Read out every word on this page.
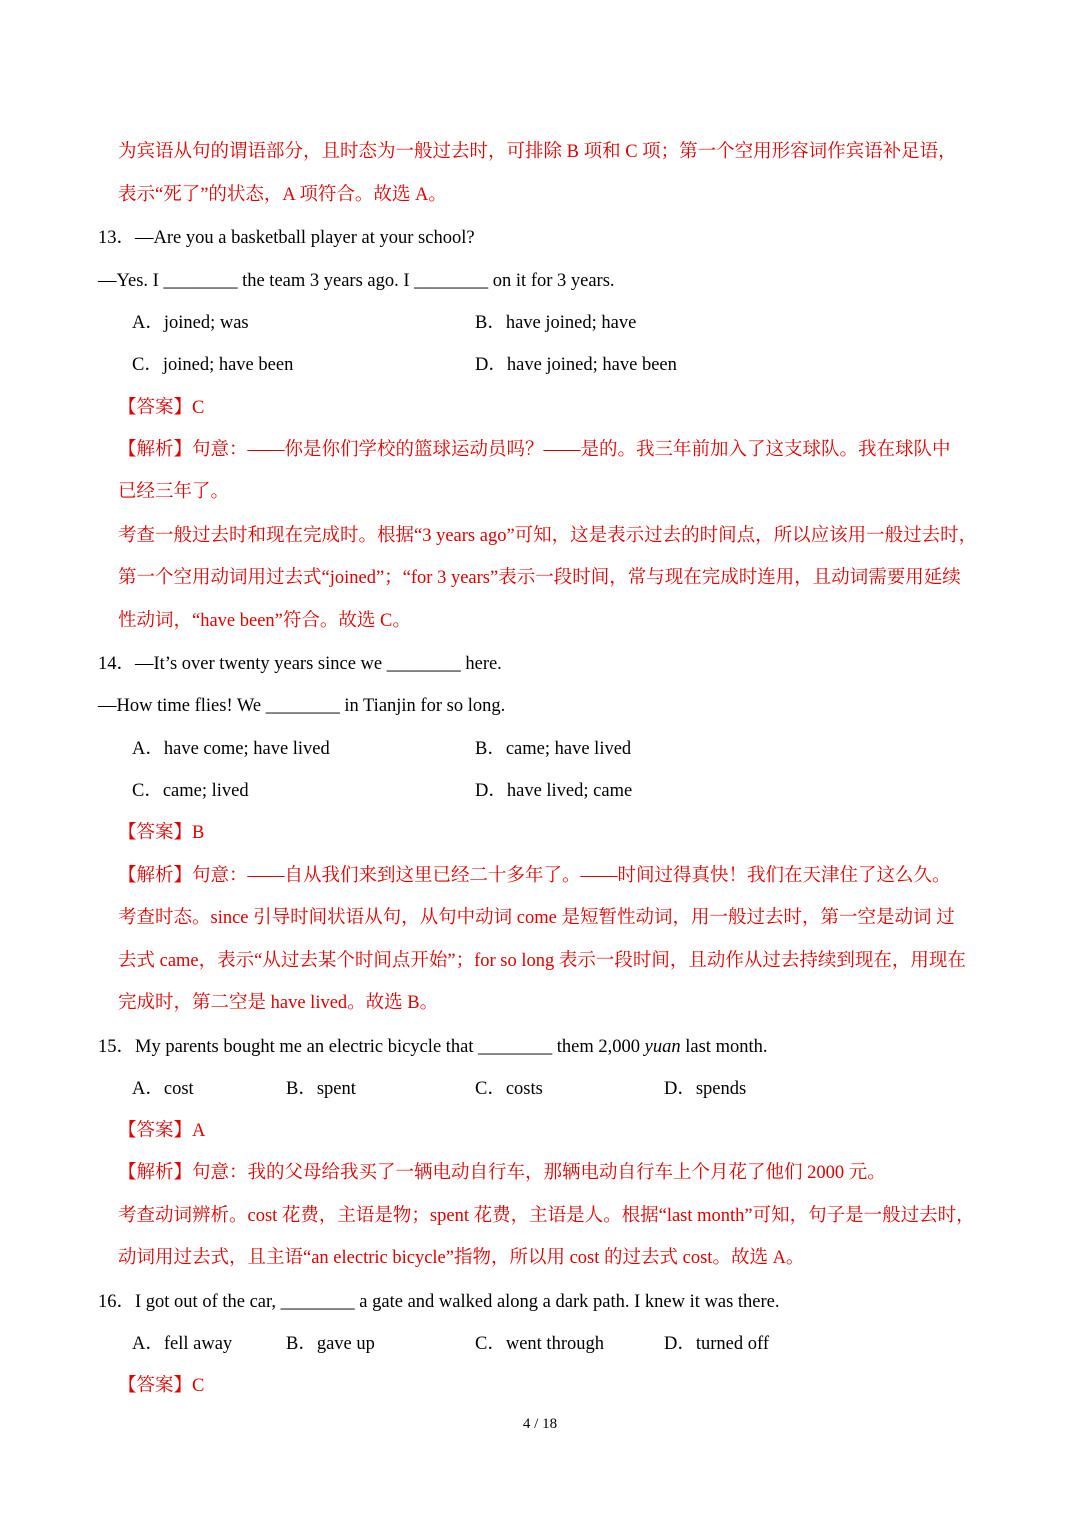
为宾语从句的谓语部分，且时态为一般过去时，可排除 B 项和 C 项；第一个空用形容词作宾语补足语，
表示“死了”的状态，A 项符合。故选 A。
13．—Are you a basketball player at your school?
—Yes. I ________ the team 3 years ago. I ________ on it for 3 years.
A．joined; was	B．have joined; have
C．joined; have been	D．have joined; have been
【答案】C
【解析】句意：——你是你们学校的篮球运动员吗？——是的。我三年前加入了这支球队。我在球队中
已经三年了。
考查一般过去时和现在完成时。根据“3 years ago”可知，这是表示过去的时间点，所以应该用一般过去时，
第一个空用动词用过去式“joined”；“for 3 years”表示一段时间，常与现在完成时连用，且动词需要用延续
性动词，“have been”符合。故选 C。
14．—It’s over twenty years since we ________ here.
—How time flies! We ________ in Tianjin for so long.
A．have come; have lived	B．came; have lived
C．came; lived	D．have lived; came
【答案】B
【解析】句意：——自从我们来到这里已经二十多年了。——时间过得真快！我们在天津住了这么久。
考查时态。since 引导时间状语从句，从句中动词 come 是短暂性动词，用一般过去时，第一空是动词 过
去式 came，表示“从过去某个时间点开始”；for so long 表示一段时间，且动作从过去持续到现在，用现在
完成时，第二空是 have lived。故选 B。
15．My parents bought me an electric bicycle that ________ them 2,000 yuan last month.
A．cost	B．spent	C．costs	D．spends
【答案】A
【解析】句意：我的父母给我买了一辆电动自行车，那辆电动自行车上个月花了他们 2000 元。
考查动词辨析。cost 花费，主语是物；spent 花费，主语是人。根据“last month”可知，句子是一般过去时，
动词用过去式，且主语“an electric bicycle”指物，所以用 cost 的过去式 cost。故选 A。
16．I got out of the car, ________ a gate and walked along a dark path. I knew it was there.
A．fell away	B．gave up	C．went through	D．turned off
【答案】C
4 / 18
